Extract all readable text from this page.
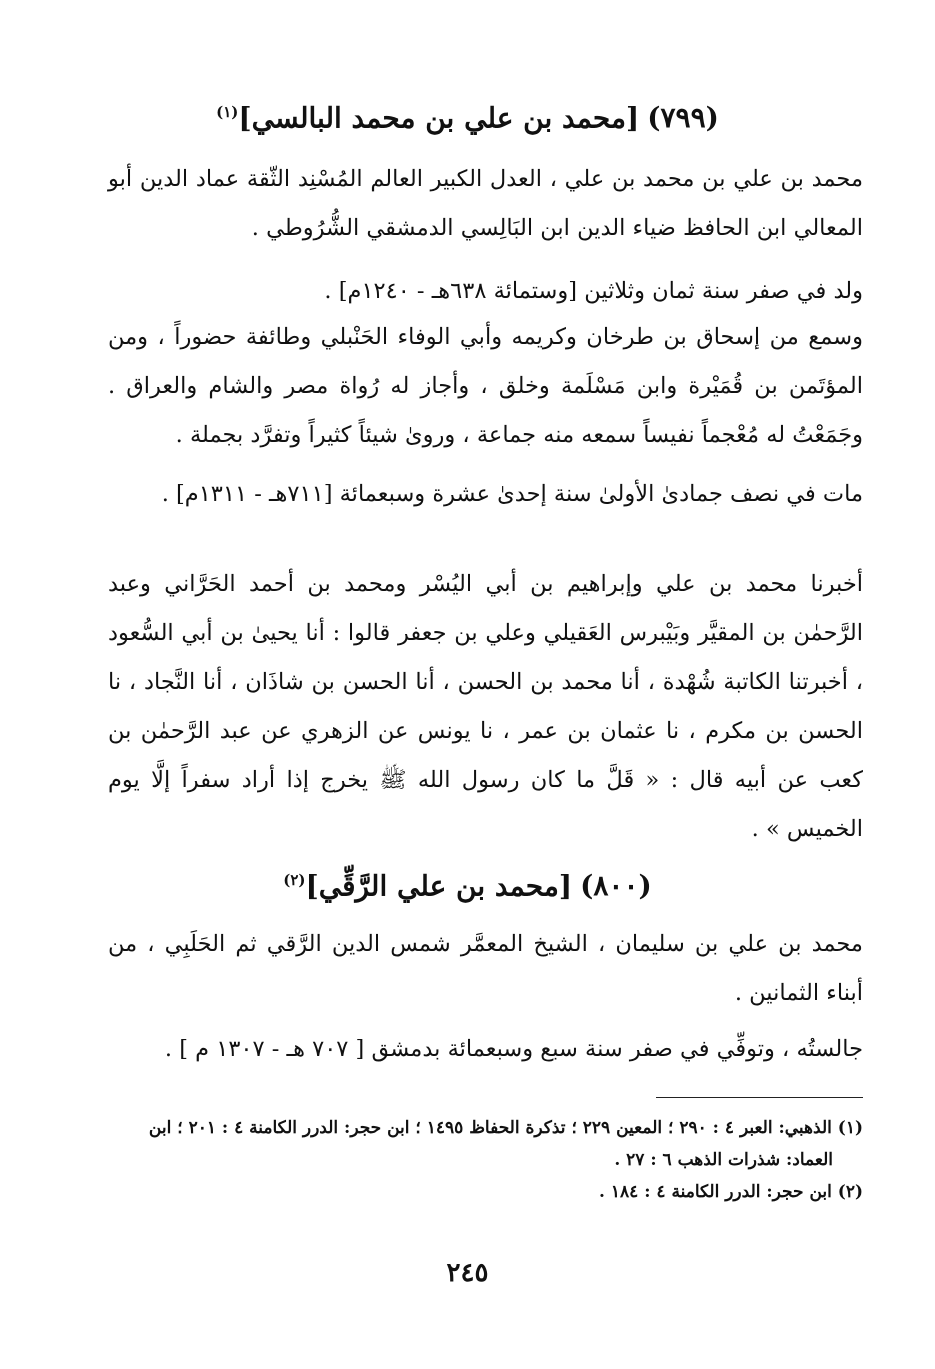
(٧٩٩)[محمد بن علي بن محمد البالسي]$^{(١)}$

محمد بن علي بن محمد بن علي ، العدل الكبير العالم المُسْنِد الثّقة عماد الدين أبو المعالي ابن الحافظ ضياء الدين ابن البَالِسي الدمشقي الشُّرُوطي .

ولد في صفر سنة ثمان وثلاثين [وستمائة ٦٣٨هـ - ١٢٤٠م] .

وسمع من إسحاق بن طرخان وكريمه وأبي الوفاء الحَنْبلي وطائفة حضوراً ، ومن المؤتَمن بن قُمَيْرة وابن مَسْلَمة وخلق ، وأجاز له رُواة مصر والشام والعراق . وجَمَعْتُ له مُعْجماً نفيساً سمعه منه جماعة ، وروىٰ شيئاً كثيراً وتفرَّد بجملة .

مات في نصف جمادىٰ الأولىٰ سنة إحدىٰ عشرة وسبعمائة [٧١١هـ - ١٣١١م] .

أخبرنا محمد بن علي وإبراهيم بن أبي اليُسْر ومحمد بن أحمد الحَرَّاني وعبد الرَّحمٰن بن المقيَّر وبَيْبرس العَقيلي وعلي بن جعفر قالوا : أنا يحيىٰ بن أبي السُّعود ، أخبرتنا الكاتبة شُهْدة ، أنا محمد بن الحسن ، أنا الحسن بن شاذَان ، أنا النَّجاد ، نا الحسن بن مكرم ، نا عثمان بن عمر ، نا يونس عن الزهري عن عبد الرَّحمٰن بن كعب عن أبيه قال : « قَلَّ ما كان رسول الله ﷺ يخرج إذا أراد سفراً إلَّا يوم الخميس » .

(٨٠٠)[محمد بن علي الرَّقِّي]$^{(٢)}$

محمد بن علي بن سليمان ، الشيخ المعمَّر شمس الدين الرَّقي ثم الحَلَبِي ، من أبناء الثمانين .

جالستُه ، وتوفِّي في صفر سنة سبع وسبعمائة بدمشق [ ٧٠٧ هـ - ١٣٠٧ م ] .

(١) الذهبي: العبر ٤ : ٢٩٠ ؛ المعين ٢٢٩ ؛ تذكرة الحفاظ ١٤٩٥ ؛ ابن حجر: الدرر الكامنة ٤ : ٢٠١ ؛ ابن

العماد: شذرات الذهب ٦ : ٢٧ .

(٢) ابن حجر: الدرر الكامنة ٤ : ١٨٤ .

٢٤٥
